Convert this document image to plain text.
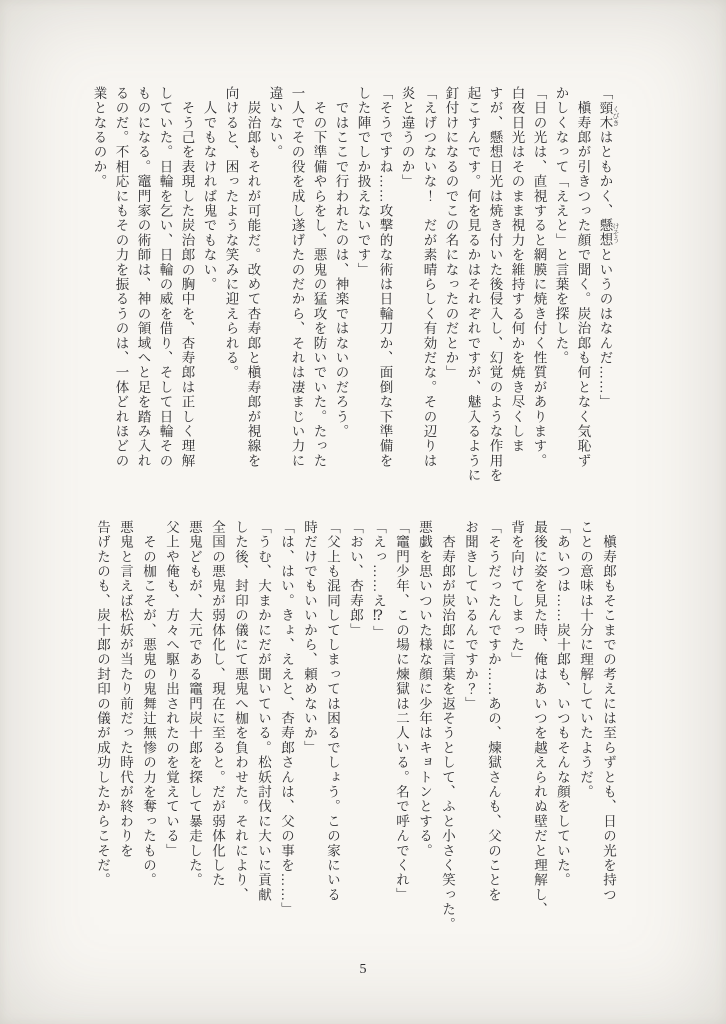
「頸木 くびきはともかく、懸想 けそうというのはなんだ……」

　槇寿郎が引きつった顔で聞く。炭治郎も何となく気恥ず

かしくなって「ええと」と言葉を探した。

「日の光は、直視すると網膜に焼き付く性質があります。

白夜日光はそのまま視力を維持する何かを焼き尽くしま

すが、懸想日光は焼き付いた後侵入し、幻覚のような作用を

起こすんです。何を見るかはそれぞれですが、魅入るように

釘付けになるのでこの名になったのだとか」

「えげつないな！　だが素晴らしく有効だな。その辺りは

炎と違うのか」

「そうですね……攻撃的な術は日輪刀か、面倒な下準備を

した陣でしか扱えないです」

　ではここで行われたのは、神楽ではないのだろう。

　その下準備やらをし、悪鬼の猛攻を防いでいた。たった

一人でその役を成し遂げたのだから、それは凄まじい力に

違いない。

　炭治郎もそれが可能だ。改めて杏寿郎と槇寿郎が視線を

向けると、困ったような笑みに迎えられる。

　人でもなければ鬼でもない。

　そう己を表現した炭治郎の胸中を、杏寿郎は正しく理解

していた。日輪を乞い、日輪の威を借り、そして日輪その

ものになる。竈門家の術師は、神の領域へと足を踏み入れ

るのだ。不相応にもその力を振るうのは、一体どれほどの

業となるのか。

　槇寿郎もそこまでの考えには至らずとも、日の光を持つ

ことの意味は十分に理解していたようだ。

「あいつは……炭十郎も、いつもそんな顔をしていた。

最後に姿を見た時、俺はあいつを越えられぬ壁だと理解し、

背を向けてしまった」

「そうだったんですか……あの、煉獄さんも、父のことを

お聞きしているんですか？」

　杏寿郎が炭治郎に言葉を返そうとして、ふと小さく笑った。

悪戯を思いついた様な顔に少年はキョトンとする。

「竈門少年、この場に煉獄は二人いる。名で呼んでくれ」

「えっ……え⁉」

「おい、杏寿郎」

「父上も混同してしまっては困るでしょう。この家にいる

時だけでもいいから、頼めないか」

「は、はい。きょ、ええと、杏寿郎さんは、父の事を……」

「うむ、大まかにだが聞いている。松妖討伐に大いに貢献

した後、封印の儀にて悪鬼へ枷を負わせた。それにより、

全国の悪鬼が弱体化し、現在に至ると。だが弱体化した

悪鬼どもが、大元である竈門炭十郎を探して暴走した。

父上や俺も、方々へ駆り出されたのを覚えている」

　その枷こそが、悪鬼の鬼舞辻無惨の力を奪ったもの。

悪鬼と言えば松妖が当たり前だった時代が終わりを

告げたのも、炭十郎の封印の儀が成功したからこそだ。

5
